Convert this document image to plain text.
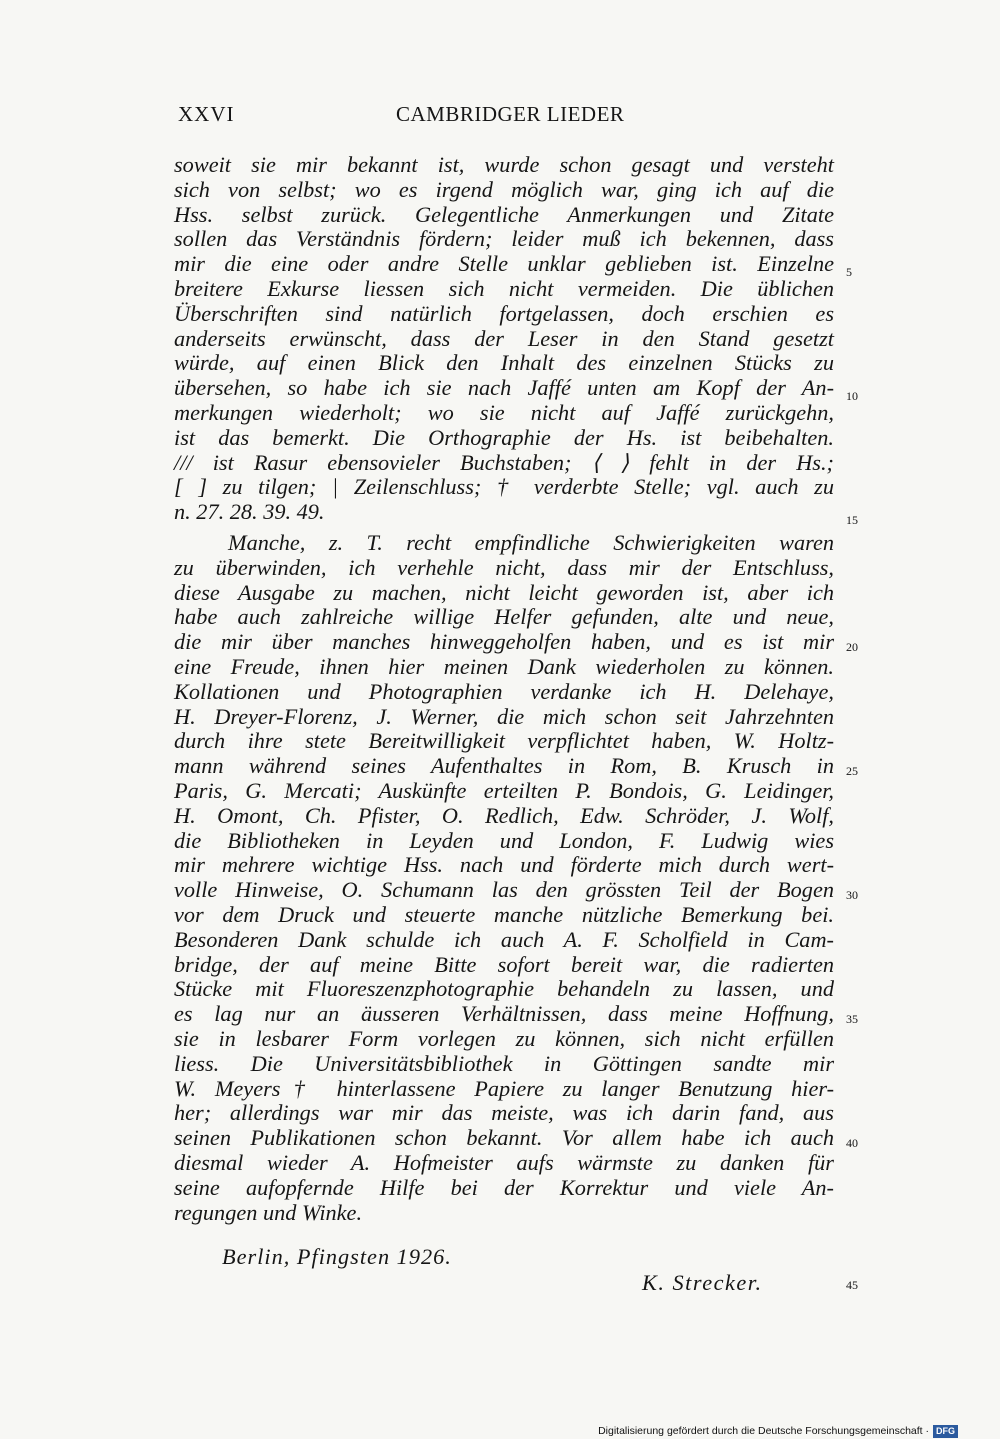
XXVI	CAMBRIDGER LIEDER
soweit sie mir bekannt ist, wurde schon gesagt und versteht
sich von selbst; wo es irgend möglich war, ging ich auf die
Hss. selbst zurück. Gelegentliche Anmerkungen und Zitate
sollen das Verständnis fördern; leider muß ich bekennen, dass
mir die eine oder andre Stelle unklar geblieben ist. Einzelne
breitere Exkurse liessen sich nicht vermeiden. Die üblichen
Überschriften sind natürlich fortgelassen, doch erschien es
anderseits erwünscht, dass der Leser in den Stand gesetzt
würde, auf einen Blick den Inhalt des einzelnen Stücks zu
übersehen, so habe ich sie nach Jaffé unten am Kopf der An-
merkungen wiederholt; wo sie nicht auf Jaffé zurückgehn,
ist das bemerkt. Die Orthographie der Hs. ist beibehalten.
/// ist Rasur ebensovieler Buchstaben; ⟨ ⟩ fehlt in der Hs.;
[ ] zu tilgen; | Zeilenschluss; † verderbte Stelle; vgl. auch zu
n. 27. 28. 39. 49.
Manche, z. T. recht empfindliche Schwierigkeiten waren
zu überwinden, ich verhehle nicht, dass mir der Entschluss,
diese Ausgabe zu machen, nicht leicht geworden ist, aber ich
habe auch zahlreiche willige Helfer gefunden, alte und neue,
die mir über manches hinweggeholfen haben, und es ist mir
eine Freude, ihnen hier meinen Dank wiederholen zu können.
Kollationen und Photographien verdanke ich H. Delehaye,
H. Dreyer-Florenz, J. Werner, die mich schon seit Jahrzehnten
durch ihre stete Bereitwilligkeit verpflichtet haben, W. Holtz-
mann während seines Aufenthaltes in Rom, B. Krusch in
Paris, G. Mercati; Auskünfte erteilten P. Bondois, G. Leidinger,
H. Omont, Ch. Pfister, O. Redlich, Edw. Schröder, J. Wolf,
die Bibliotheken in Leyden und London, F. Ludwig wies
mir mehrere wichtige Hss. nach und förderte mich durch wert-
volle Hinweise, O. Schumann las den grössten Teil der Bogen
vor dem Druck und steuerte manche nützliche Bemerkung bei.
Besonderen Dank schulde ich auch A. F. Scholfield in Cam-
bridge, der auf meine Bitte sofort bereit war, die radierten
Stücke mit Fluoreszenzphotographie behandeln zu lassen, und
es lag nur an äusseren Verhältnissen, dass meine Hoffnung,
sie in lesbarer Form vorlegen zu können, sich nicht erfüllen
liess. Die Universitätsbibliothek in Göttingen sandte mir
W. Meyers† hinterlassene Papiere zu langer Benutzung hier-
her; allerdings war mir das meiste, was ich darin fand, aus
seinen Publikationen schon bekannt. Vor allem habe ich auch
diesmal wieder A. Hofmeister aufs wärmste zu danken für
seine aufopfernde Hilfe bei der Korrektur und viele An-
regungen und Winke.
5
10
15
20
25
30
35
40
45
Berlin, Pfingsten 1926.
K. Strecker.
Digitalisierung gefördert durch die Deutsche Forschungsgemeinschaft · DFG
